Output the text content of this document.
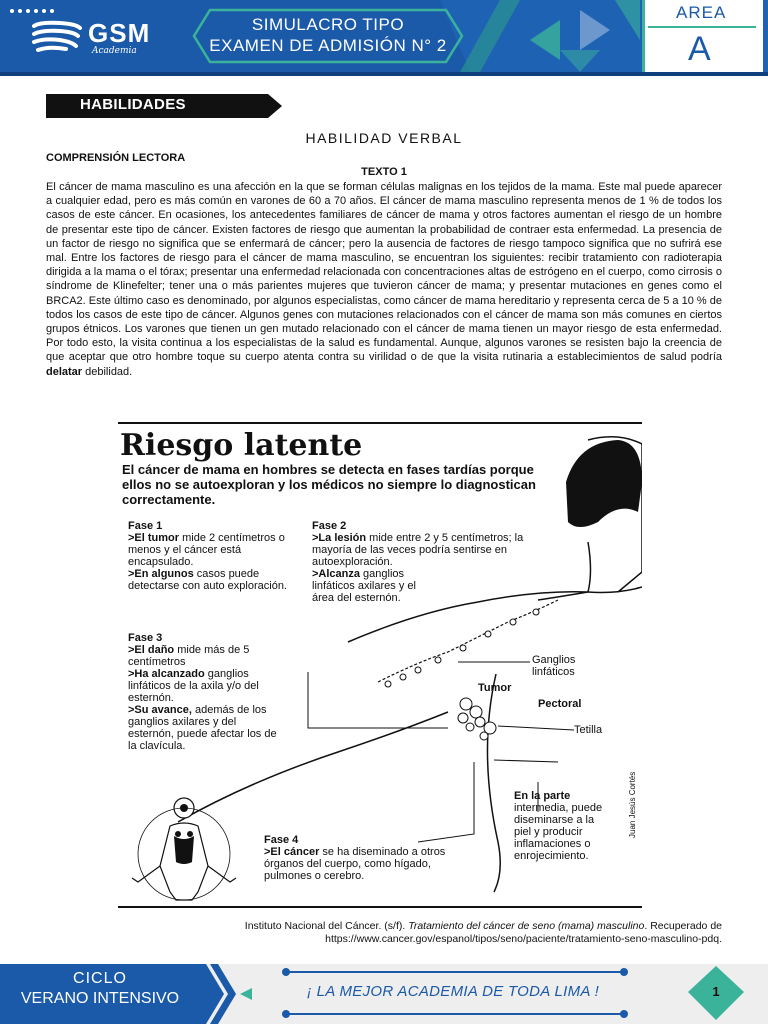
GSM
Academia
SIMULACRO TIPO
EXAMEN DE ADMISIÓN N° 2
AREA
A
HABILIDADES
HABILIDAD VERBAL
COMPRENSIÓN LECTORA
TEXTO 1
El cáncer de mama masculino es una afección en la que se forman células malignas en los tejidos de la mama. Este mal puede aparecer a cualquier edad, pero es más común en varones de 60 a 70 años. El cáncer de mama masculino representa menos de 1 % de todos los casos de este cáncer. En ocasiones, los antecedentes familiares de cáncer de mama y otros factores aumentan el riesgo de un hombre de presentar este tipo de cáncer. Existen factores de riesgo que aumentan la probabilidad de contraer esta enfermedad. La presencia de un factor de riesgo no significa que se enfermará de cáncer; pero la ausencia de factores de riesgo tampoco significa que no sufrirá ese mal. Entre los factores de riesgo para el cáncer de mama masculino, se encuentran los siguientes: recibir tratamiento con radioterapia dirigida a la mama o el tórax; presentar una enfermedad relacionada con concentraciones altas de estrógeno en el cuerpo, como cirrosis o síndrome de Klinefelter; tener una o más parientes mujeres que tuvieron cáncer de mama; y presentar mutaciones en genes como el BRCA2. Este último caso es denominado, por algunos especialistas, como cáncer de mama hereditario y representa cerca de 5 a 10 % de todos los casos de este tipo de cáncer. Algunos genes con mutaciones relacionados con el cáncer de mama son más comunes en ciertos grupos étnicos. Los varones que tienen un gen mutado relacionado con el cáncer de mama tienen un mayor riesgo de esta enfermedad. Por todo esto, la visita continua a los especialistas de la salud es fundamental. Aunque, algunos varones se resisten bajo la creencia de que aceptar que otro hombre toque su cuerpo atenta contra su virilidad o de que la visita rutinaria a establecimientos de salud podría delatar debilidad.
Riesgo latente
El cáncer de mama en hombres se detecta en fases tardías porque ellos no se autoexploran y los médicos no siempre lo diagnostican correctamente.
Fase 1
>El tumor mide 2 centímetros o menos y el cáncer está encapsulado.
>En algunos casos puede detectarse con auto exploración.
Fase 2
>La lesión mide entre 2 y 5 centímetros; la mayoría de las veces podría sentirse en autoexploración.
>Alcanza ganglios linfáticos axilares y el área del esternón.
Fase 3
>El daño mide más de 5 centímetros
>Ha alcanzado ganglios linfáticos de la axila y/o del esternón.
>Su avance, además de los ganglios axilares y del esternón, puede afectar los de la clavícula.
Fase 4
>El cáncer se ha diseminado a otros órganos del cuerpo, como hígado, pulmones o cerebro.
Ganglios linfáticos
Tumor
Pectoral
Tetilla
En la parte
intermedia, puede diseminarse a la piel y producir inflamaciones o enrojecimiento.
Juan Jesús Cortés
Instituto Nacional del Cáncer. (s/f). Tratamiento del cáncer de seno (mama) masculino. Recuperado de
https://www.cancer.gov/espanol/tipos/seno/paciente/tratamiento-seno-masculino-pdq.
CICLO
VERANO INTENSIVO	¡ LA MEJOR ACADEMIA DE TODA LIMA !	1
